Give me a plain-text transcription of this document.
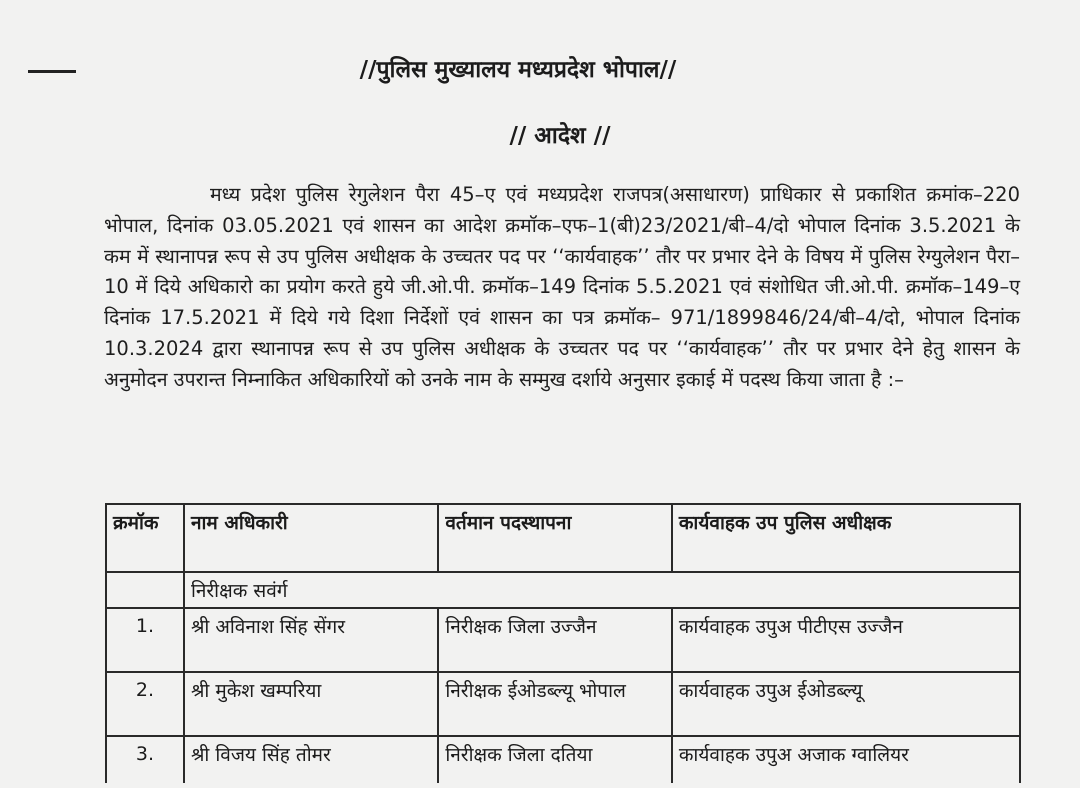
//पुलिस मुख्यालय मध्यप्रदेश भोपाल//
// आदेश //
मध्य प्रदेश पुलिस रेगुलेशन पैरा 45–ए एवं मध्यप्रदेश राजपत्र(असाधारण) प्राधिकार से प्रकाशित क्रमांक–220 भोपाल, दिनांक 03.05.2021 एवं शासन का आदेश क्रमॉक–एफ–1(बी)23/2021/बी–4/दो भोपाल दिनांक 3.5.2021 के कम में स्थानापन्न रूप से उप पुलिस अधीक्षक के उच्चतर पद पर ‘‘कार्यवाहक’’ तौर पर प्रभार देने के विषय में पुलिस रेग्युलेशन पैरा–10 में दिये अधिकारो का प्रयोग करते हुये जी.ओ.पी. क्रमॉक–149 दिनांक 5.5.2021 एवं संशोधित जी.ओ.पी. क्रमॉक–149–ए दिनांक 17.5.2021 में दिये गये दिशा निर्देशों एवं शासन का पत्र क्रमॉक– 971/1899846/24/बी–4/दो, भोपाल दिनांक 10.3.2024 द्वारा स्थानापन्न रूप से उप पुलिस अधीक्षक के उच्चतर पद पर ‘‘कार्यवाहक’’ तौर पर प्रभार देने हेतु शासन के अनुमोदन उपरान्त निम्नाकित अधिकारियों को उनके नाम के सम्मुख दर्शाये अनुसार इकाई में पदस्थ किया जाता है :–
क्रमॉक	नाम अधिकारी	वर्तमान पदस्थापना	कार्यवाहक उप पुलिस अधीक्षक
	निरीक्षक सवंर्ग		
1.	श्री अविनाश सिंह सेंगर	निरीक्षक जिला उज्जैन	कार्यवाहक उपुअ पीटीएस उज्जैन
2.	श्री मुकेश खम्परिया	निरीक्षक ईओडब्ल्यू भोपाल	कार्यवाहक उपुअ ईओडब्ल्यू
3.	श्री विजय सिंह तोमर	निरीक्षक जिला दतिया	कार्यवाहक उपुअ अजाक ग्वालियर
